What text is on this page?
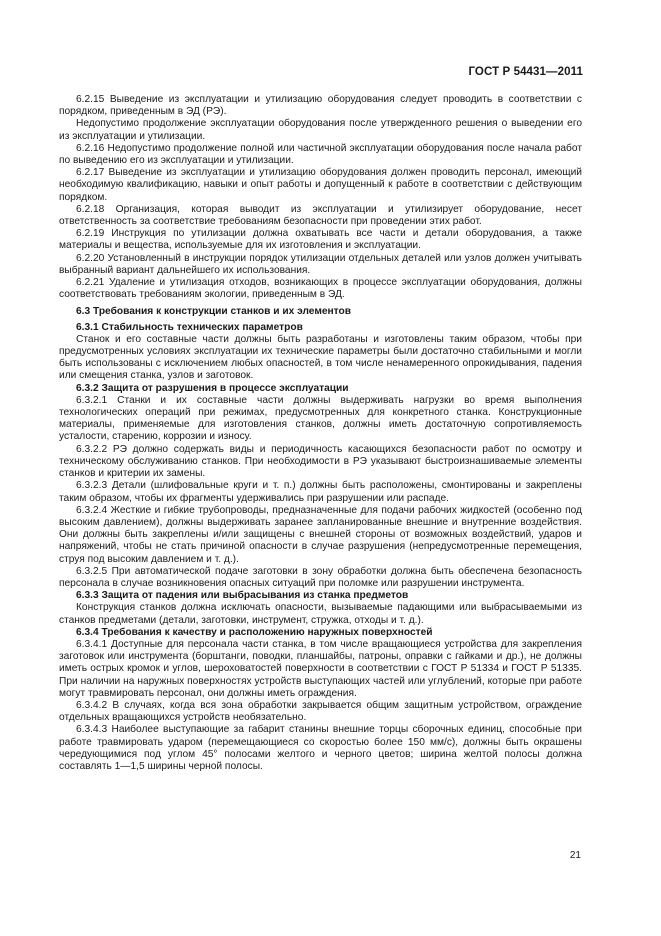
ГОСТ Р 54431—2011

6.2.15 Выведение из эксплуатации и утилизацию оборудования следует проводить в соответствии с порядком, приведенным в ЭД (РЭ).

Недопустимо продолжение эксплуатации оборудования после утвержденного решения о выведении его из эксплуатации и утилизации.

6.2.16 Недопустимо продолжение полной или частичной эксплуатации оборудования после начала работ по выведению его из эксплуатации и утилизации.

6.2.17 Выведение из эксплуатации и утилизацию оборудования должен проводить персонал, имеющий необходимую квалификацию, навыки и опыт работы и допущенный к работе в соответствии с действующим порядком.

6.2.18 Организация, которая выводит из эксплуатации и утилизирует оборудование, несет ответственность за соответствие требованиям безопасности при проведении этих работ.

6.2.19 Инструкция по утилизации должна охватывать все части и детали оборудования, а также материалы и вещества, используемые для их изготовления и эксплуатации.

6.2.20 Установленный в инструкции порядок утилизации отдельных деталей или узлов должен учитывать выбранный вариант дальнейшего их использования.

6.2.21 Удаление и утилизация отходов, возникающих в процессе эксплуатации оборудования, должны соответствовать требованиям экологии, приведенным в ЭД.

6.3 Требования к конструкции станков и их элементов

6.3.1 Стабильность технических параметров

Станок и его составные части должны быть разработаны и изготовлены таким образом, чтобы при предусмотренных условиях эксплуатации их технические параметры были достаточно стабильными и могли быть использованы с исключением любых опасностей, в том числе ненамеренного опрокидывания, падения или смещения станка, узлов и заготовок.

6.3.2 Защита от разрушения в процессе эксплуатации

6.3.2.1 Станки и их составные части должны выдерживать нагрузки во время выполнения технологических операций при режимах, предусмотренных для конкретного станка. Конструкционные материалы, применяемые для изготовления станков, должны иметь достаточную сопротивляемость усталости, старению, коррозии и износу.

6.3.2.2 РЭ должно содержать виды и периодичность касающихся безопасности работ по осмотру и техническому обслуживанию станков. При необходимости в РЭ указывают быстроизнашиваемые элементы станков и критерии их замены.

6.3.2.3 Детали (шлифовальные круги и т. п.) должны быть расположены, смонтированы и закреплены таким образом, чтобы их фрагменты удерживались при разрушении или распаде.

6.3.2.4 Жесткие и гибкие трубопроводы, предназначенные для подачи рабочих жидкостей (особенно под высоким давлением), должны выдерживать заранее запланированные внешние и внутренние воздействия. Они должны быть закреплены и/или защищены с внешней стороны от возможных воздействий, ударов и напряжений, чтобы не стать причиной опасности в случае разрушения (непредусмотренные перемещения, струя под высоким давлением и т. д.).

6.3.2.5 При автоматической подаче заготовки в зону обработки должна быть обеспечена безопасность персонала в случае возникновения опасных ситуаций при поломке или разрушении инструмента.

6.3.3 Защита от падения или выбрасывания из станка предметов

Конструкция станков должна исключать опасности, вызываемые падающими или выбрасываемыми из станков предметами (детали, заготовки, инструмент, стружка, отходы и т. д.).

6.3.4 Требования к качеству и расположению наружных поверхностей

6.3.4.1 Доступные для персонала части станка, в том числе вращающиеся устройства для закрепления заготовок или инструмента (борштанги, поводки, планшайбы, патроны, оправки с гайками и др.), не должны иметь острых кромок и углов, шероховатостей поверхности в соответствии с ГОСТ Р 51334 и ГОСТ Р 51335. При наличии на наружных поверхностях устройств выступающих частей или углублений, которые при работе могут травмировать персонал, они должны иметь ограждения.

6.3.4.2 В случаях, когда вся зона обработки закрывается общим защитным устройством, ограждение отдельных вращающихся устройств необязательно.

6.3.4.3 Наиболее выступающие за габарит станины внешние торцы сборочных единиц, способные при работе травмировать ударом (перемещающиеся со скоростью более 150 мм/с), должны быть окрашены чередующимися под углом 45° полосами желтого и черного цветов; ширина желтой полосы должна составлять 1—1,5 ширины черной полосы.

21
